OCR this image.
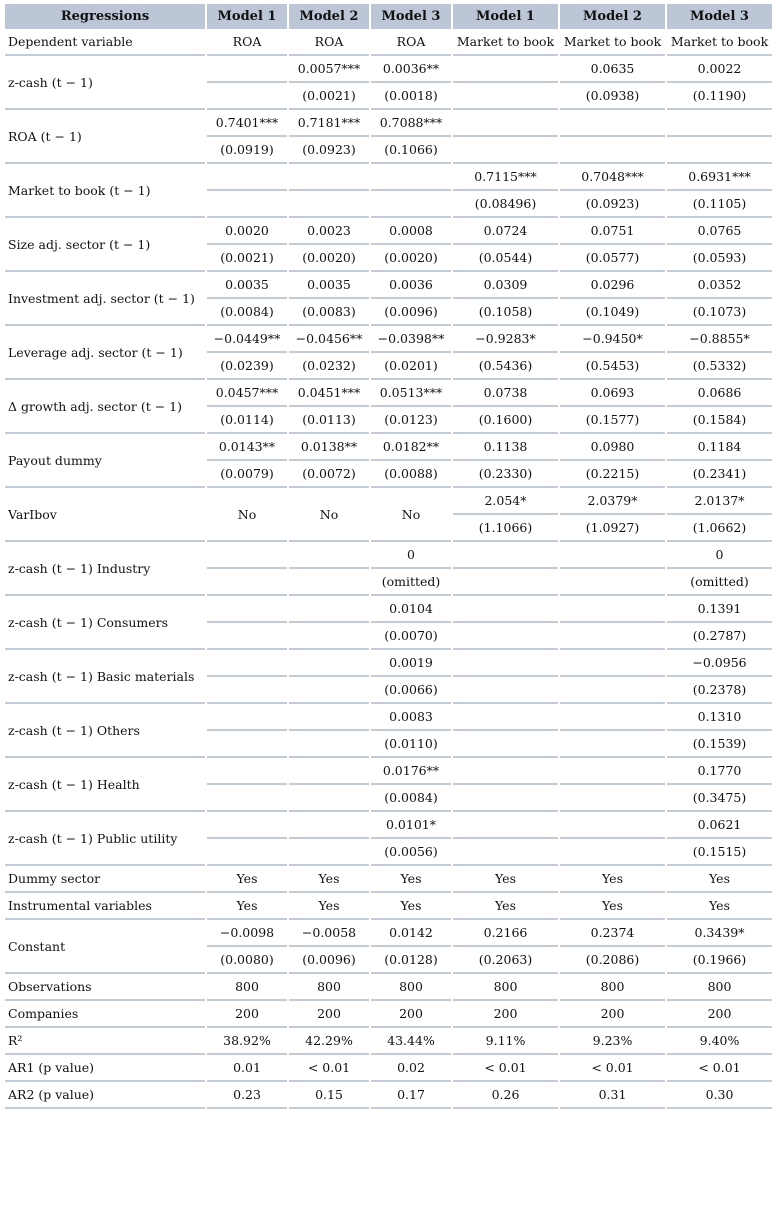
Regressions	Model 1	Model 2	Model 3	Model 1	Model 2	Model 3
Dependent variable	ROA	ROA	ROA	Market to book	Market to book	Market to book
z-cash (t − 1)		0.0057***	0.0036**		0.0635	0.0022
		(0.0021)	(0.0018)		(0.0938)	(0.1190)
ROA (t − 1)	0.7401***	0.7181***	0.7088***			
	(0.0919)	(0.0923)	(0.1066)			
Market to book (t − 1)				0.7115***	0.7048***	0.6931***
				(0.08496)	(0.0923)	(0.1105)
Size adj. sector (t − 1)	0.0020	0.0023	0.0008	0.0724	0.0751	0.0765
	(0.0021)	(0.0020)	(0.0020)	(0.0544)	(0.0577)	(0.0593)
Investment adj. sector (t − 1)	0.0035	0.0035	0.0036	0.0309	0.0296	0.0352
	(0.0084)	(0.0083)	(0.0096)	(0.1058)	(0.1049)	(0.1073)
Leverage adj. sector (t − 1)	−0.0449**	−0.0456**	−0.0398**	−0.9283*	−0.9450*	−0.8855*
	(0.0239)	(0.0232)	(0.0201)	(0.5436)	(0.5453)	(0.5332)
Δ growth adj. sector (t − 1)	0.0457***	0.0451***	0.0513***	0.0738	0.0693	0.0686
	(0.0114)	(0.0113)	(0.0123)	(0.1600)	(0.1577)	(0.1584)
Payout dummy	0.0143**	0.0138**	0.0182**	0.1138	0.0980	0.1184
	(0.0079)	(0.0072)	(0.0088)	(0.2330)	(0.2215)	(0.2341)
VarIbov	No	No	No	2.054*	2.0379*	2.0137*
				(1.1066)	(1.0927)	(1.0662)
z-cash (t − 1) Industry			0			0
			(omitted)			(omitted)
z-cash (t − 1) Consumers			0.0104			0.1391
			(0.0070)			(0.2787)
z-cash (t − 1) Basic materials			0.0019			−0.0956
			(0.0066)			(0.2378)
z-cash (t − 1) Others			0.0083			0.1310
			(0.0110)			(0.1539)
z-cash (t − 1) Health			0.0176**			0.1770
			(0.0084)			(0.3475)
z-cash (t − 1) Public utility			0.0101*			0.0621
			(0.0056)			(0.1515)
Dummy sector	Yes	Yes	Yes	Yes	Yes	Yes
Instrumental variables	Yes	Yes	Yes	Yes	Yes	Yes
Constant	−0.0098	−0.0058	0.0142	0.2166	0.2374	0.3439*
	(0.0080)	(0.0096)	(0.0128)	(0.2063)	(0.2086)	(0.1966)
Observations	800	800	800	800	800	800
Companies	200	200	200	200	200	200
R²	38.92%	42.29%	43.44%	9.11%	9.23%	9.40%
AR1 (p value)	0.01	< 0.01	0.02	< 0.01	< 0.01	< 0.01
AR2 (p value)	0.23	0.15	0.17	0.26	0.31	0.30
